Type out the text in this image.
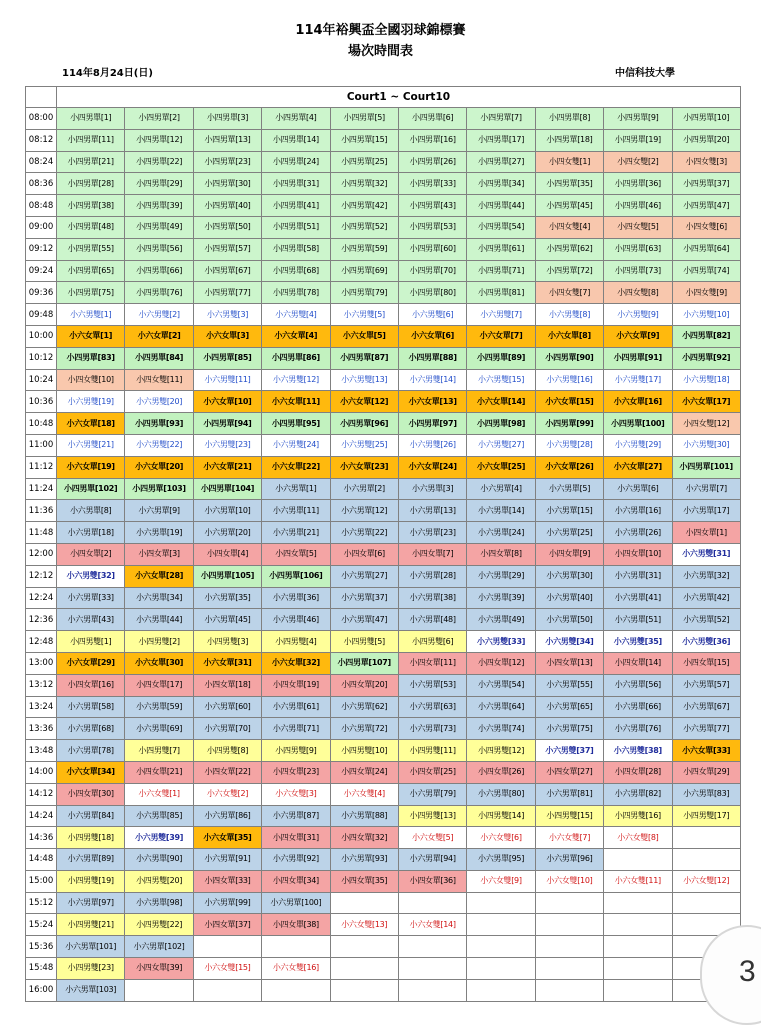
114年裕興盃全國羽球錦標賽
場次時間表
114年8月24日(日)	中信科技大學
	Court1 ~ Court10									
08:00	小四男單[1]	小四男單[2]	小四男單[3]	小四男單[4]	小四男單[5]	小四男單[6]	小四男單[7]	小四男單[8]	小四男單[9]	小四男單[10]
08:12	小四男單[11]	小四男單[12]	小四男單[13]	小四男單[14]	小四男單[15]	小四男單[16]	小四男單[17]	小四男單[18]	小四男單[19]	小四男單[20]
08:24	小四男單[21]	小四男單[22]	小四男單[23]	小四男單[24]	小四男單[25]	小四男單[26]	小四男單[27]	小四女雙[1]	小四女雙[2]	小四女雙[3]
08:36	小四男單[28]	小四男單[29]	小四男單[30]	小四男單[31]	小四男單[32]	小四男單[33]	小四男單[34]	小四男單[35]	小四男單[36]	小四男單[37]
08:48	小四男單[38]	小四男單[39]	小四男單[40]	小四男單[41]	小四男單[42]	小四男單[43]	小四男單[44]	小四男單[45]	小四男單[46]	小四男單[47]
09:00	小四男單[48]	小四男單[49]	小四男單[50]	小四男單[51]	小四男單[52]	小四男單[53]	小四男單[54]	小四女雙[4]	小四女雙[5]	小四女雙[6]
09:12	小四男單[55]	小四男單[56]	小四男單[57]	小四男單[58]	小四男單[59]	小四男單[60]	小四男單[61]	小四男單[62]	小四男單[63]	小四男單[64]
09:24	小四男單[65]	小四男單[66]	小四男單[67]	小四男單[68]	小四男單[69]	小四男單[70]	小四男單[71]	小四男單[72]	小四男單[73]	小四男單[74]
09:36	小四男單[75]	小四男單[76]	小四男單[77]	小四男單[78]	小四男單[79]	小四男單[80]	小四男單[81]	小四女雙[7]	小四女雙[8]	小四女雙[9]
09:48	小六男雙[1]	小六男雙[2]	小六男雙[3]	小六男雙[4]	小六男雙[5]	小六男雙[6]	小六男雙[7]	小六男雙[8]	小六男雙[9]	小六男雙[10]
10:00	小六女單[1]	小六女單[2]	小六女單[3]	小六女單[4]	小六女單[5]	小六女單[6]	小六女單[7]	小六女單[8]	小六女單[9]	小四男單[82]
10:12	小四男單[83]	小四男單[84]	小四男單[85]	小四男單[86]	小四男單[87]	小四男單[88]	小四男單[89]	小四男單[90]	小四男單[91]	小四男單[92]
10:24	小四女雙[10]	小四女雙[11]	小六男雙[11]	小六男雙[12]	小六男雙[13]	小六男雙[14]	小六男雙[15]	小六男雙[16]	小六男雙[17]	小六男雙[18]
10:36	小六男雙[19]	小六男雙[20]	小六女單[10]	小六女單[11]	小六女單[12]	小六女單[13]	小六女單[14]	小六女單[15]	小六女單[16]	小六女單[17]
10:48	小六女單[18]	小四男單[93]	小四男單[94]	小四男單[95]	小四男單[96]	小四男單[97]	小四男單[98]	小四男單[99]	小四男單[100]	小四女雙[12]
11:00	小六男雙[21]	小六男雙[22]	小六男雙[23]	小六男雙[24]	小六男雙[25]	小六男雙[26]	小六男雙[27]	小六男雙[28]	小六男雙[29]	小六男雙[30]
11:12	小六女單[19]	小六女單[20]	小六女單[21]	小六女單[22]	小六女單[23]	小六女單[24]	小六女單[25]	小六女單[26]	小六女單[27]	小四男單[101]
11:24	小四男單[102]	小四男單[103]	小四男單[104]	小六男單[1]	小六男單[2]	小六男單[3]	小六男單[4]	小六男單[5]	小六男單[6]	小六男單[7]
11:36	小六男單[8]	小六男單[9]	小六男單[10]	小六男單[11]	小六男單[12]	小六男單[13]	小六男單[14]	小六男單[15]	小六男單[16]	小六男單[17]
11:48	小六男單[18]	小六男單[19]	小六男單[20]	小六男單[21]	小六男單[22]	小六男單[23]	小六男單[24]	小六男單[25]	小六男單[26]	小四女單[1]
12:00	小四女單[2]	小四女單[3]	小四女單[4]	小四女單[5]	小四女單[6]	小四女單[7]	小四女單[8]	小四女單[9]	小四女單[10]	小六男雙[31]
12:12	小六男雙[32]	小六女單[28]	小四男單[105]	小四男單[106]	小六男單[27]	小六男單[28]	小六男單[29]	小六男單[30]	小六男單[31]	小六男單[32]
12:24	小六男單[33]	小六男單[34]	小六男單[35]	小六男單[36]	小六男單[37]	小六男單[38]	小六男單[39]	小六男單[40]	小六男單[41]	小六男單[42]
12:36	小六男單[43]	小六男單[44]	小六男單[45]	小六男單[46]	小六男單[47]	小六男單[48]	小六男單[49]	小六男單[50]	小六男單[51]	小六男單[52]
12:48	小四男雙[1]	小四男雙[2]	小四男雙[3]	小四男雙[4]	小四男雙[5]	小四男雙[6]	小六男雙[33]	小六男雙[34]	小六男雙[35]	小六男雙[36]
13:00	小六女單[29]	小六女單[30]	小六女單[31]	小六女單[32]	小四男單[107]	小四女單[11]	小四女單[12]	小四女單[13]	小四女單[14]	小四女單[15]
13:12	小四女單[16]	小四女單[17]	小四女單[18]	小四女單[19]	小四女單[20]	小六男單[53]	小六男單[54]	小六男單[55]	小六男單[56]	小六男單[57]
13:24	小六男單[58]	小六男單[59]	小六男單[60]	小六男單[61]	小六男單[62]	小六男單[63]	小六男單[64]	小六男單[65]	小六男單[66]	小六男單[67]
13:36	小六男單[68]	小六男單[69]	小六男單[70]	小六男單[71]	小六男單[72]	小六男單[73]	小六男單[74]	小六男單[75]	小六男單[76]	小六男單[77]
13:48	小六男單[78]	小四男雙[7]	小四男雙[8]	小四男雙[9]	小四男雙[10]	小四男雙[11]	小四男雙[12]	小六男雙[37]	小六男雙[38]	小六女單[33]
14:00	小六女單[34]	小四女單[21]	小四女單[22]	小四女單[23]	小四女單[24]	小四女單[25]	小四女單[26]	小四女單[27]	小四女單[28]	小四女單[29]
14:12	小四女單[30]	小六女雙[1]	小六女雙[2]	小六女雙[3]	小六女雙[4]	小六男單[79]	小六男單[80]	小六男單[81]	小六男單[82]	小六男單[83]
14:24	小六男單[84]	小六男單[85]	小六男單[86]	小六男單[87]	小六男單[88]	小四男雙[13]	小四男雙[14]	小四男雙[15]	小四男雙[16]	小四男雙[17]
14:36	小四男雙[18]	小六男雙[39]	小六女單[35]	小四女單[31]	小四女單[32]	小六女雙[5]	小六女雙[6]	小六女雙[7]	小六女雙[8]	
14:48	小六男單[89]	小六男單[90]	小六男單[91]	小六男單[92]	小六男單[93]	小六男單[94]	小六男單[95]	小六男單[96]		
15:00	小四男雙[19]	小四男雙[20]	小四女單[33]	小四女單[34]	小四女單[35]	小四女單[36]	小六女雙[9]	小六女雙[10]	小六女雙[11]	小六女雙[12]
15:12	小六男單[97]	小六男單[98]	小六男單[99]	小六男單[100]						
15:24	小四男雙[21]	小四男雙[22]	小四女單[37]	小四女單[38]	小六女雙[13]	小六女雙[14]				
15:36	小六男單[101]	小六男單[102]								
15:48	小四男雙[23]	小四女單[39]	小六女雙[15]	小六女雙[16]						
16:00	小六男單[103]									
3
